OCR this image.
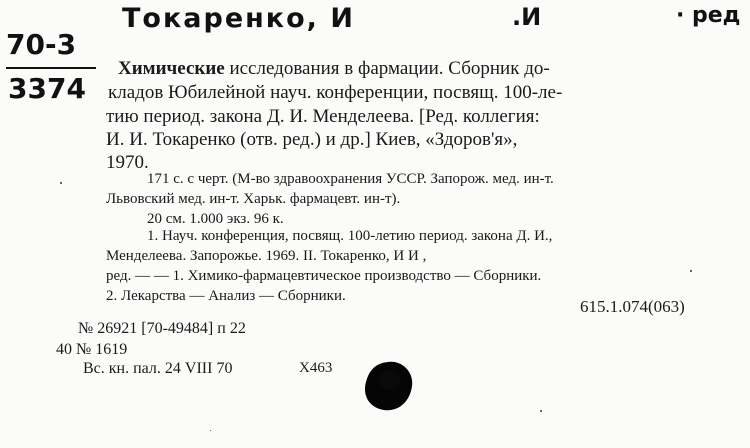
Токаренко, И	.И	· ред
70-3
3374
Химические исследования в фармации. Сборник до-
кладов Юбилейной науч. конференции, посвящ. 100-ле-
тию период. закона Д. И. Менделеева. [Ред. коллегия:
И. И. Токаренко (отв. ред.) и др.] Киев, «Здоров'я»,
1970.
171 с. с черт. (М-во здравоохранения УССР. Запорож. мед. ин-т.
Львовский мед. ин-т. Харьк. фармацевт. ин-т).
20 см. 1.000 экз. 96 к.
1. Науч. конференция, посвящ. 100-летию период. закона Д. И.,
Менделеева. Запорожье. 1969. II. Токаренко, И И ,
ред. — — 1. Химико-фармацевтическое производство — Сборники.
2. Лекарства — Анализ — Сборники.
615.1.074(063)
№ 26921 [70-49484] п 22
40 № 1619
Вс. кн. пал. 24 VIII 70	Х463
